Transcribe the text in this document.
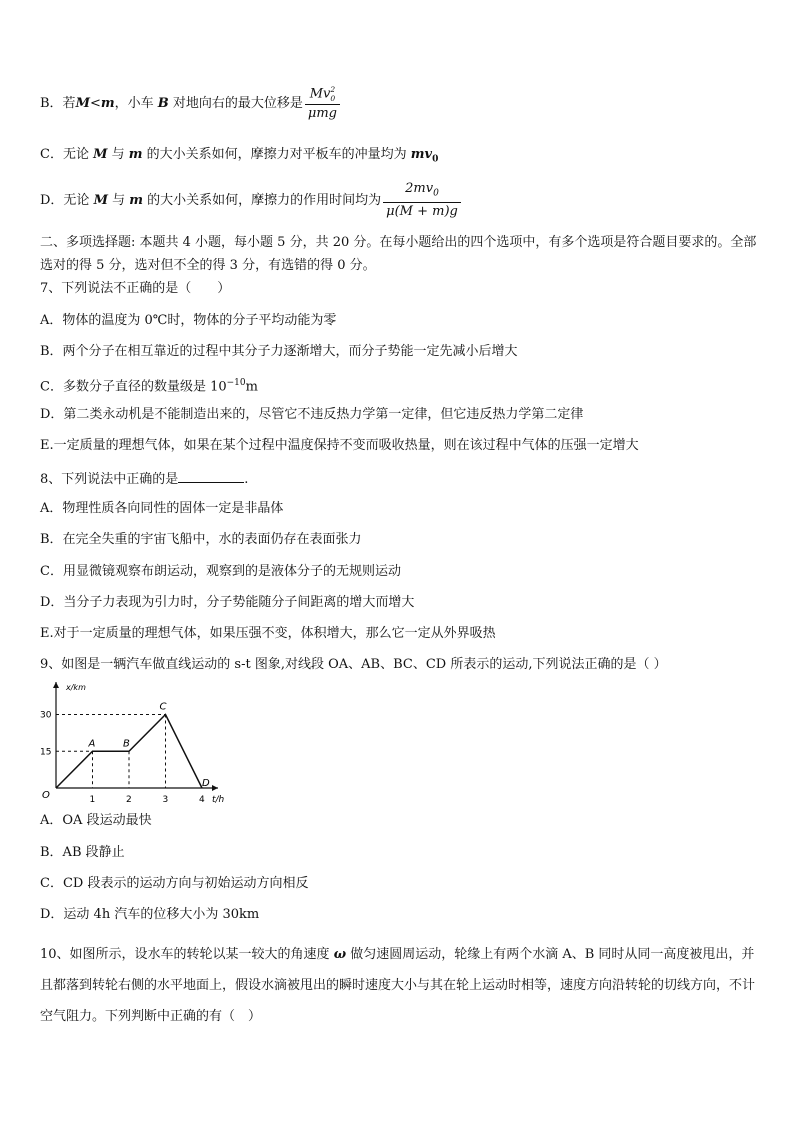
B．若M<m，小车 B 对地向右的最大位移是 Mv 2
0
μmg
C．无论 M 与 m 的大小关系如何，摩擦力对平板车的冲量均为 $mv_0$
D．无论 M 与 m 的大小关系如何，摩擦力的作用时间均为 $\frac{2mv_0}{\mu(M + m)g}$
二、多项选择题: 本题共 4 小题，每小题 5 分，共 20 分。在每小题给出的四个选项中，有多个选项是符合题目要求的。全部选对的得 5 分，选对但不全的得 3 分，有选错的得 0 分。
7、下列说法不正确的是（　　）
A．物体的温度为 0℃时，物体的分子平均动能为零
B．两个分子在相互靠近的过程中其分子力逐渐增大，而分子势能一定先减小后增大
C．多数分子直径的数量级是 $10^{-10}m$
D．第二类永动机是不能制造出来的，尽管它不违反热力学第一定律，但它违反热力学第二定律
E.一定质量的理想气体，如果在某个过程中温度保持不变而吸收热量，则在该过程中气体的压强一定增大
8、下列说法中正确的是	.
A．物理性质各向同性的固体一定是非晶体
B．在完全失重的宇宙飞船中，水的表面仍存在表面张力
C．用显微镜观察布朗运动，观察到的是液体分子的无规则运动
D．当分子力表现为引力时，分子势能随分子间距离的增大而增大
E.对于一定质量的理想气体，如果压强不变，体积增大，那么它一定从外界吸热
9、如图是一辆汽车做直线运动的 s-t 图象,对线段 OA、AB、BC、CD 所表示的运动,下列说法正确的是（ ）
x/km
t/h
1	2	3	4
15
30
O
A	B
C
D
A．OA 段运动最快
B．AB 段静止
C．CD 段表示的运动方向与初始运动方向相反
D．运动 4h 汽车的位移大小为 30km
10、如图所示，设水车的转轮以某一较大的角速度 ω 做匀速圆周运动，轮缘上有两个水滴 A、B 同时从同一高度被甩出，并且都落到转轮右侧的水平地面上，假设水滴被甩出的瞬时速度大小与其在轮上运动时相等，速度方向沿转轮的切线方向，不计空气阻力。下列判断中正确的有（　）
